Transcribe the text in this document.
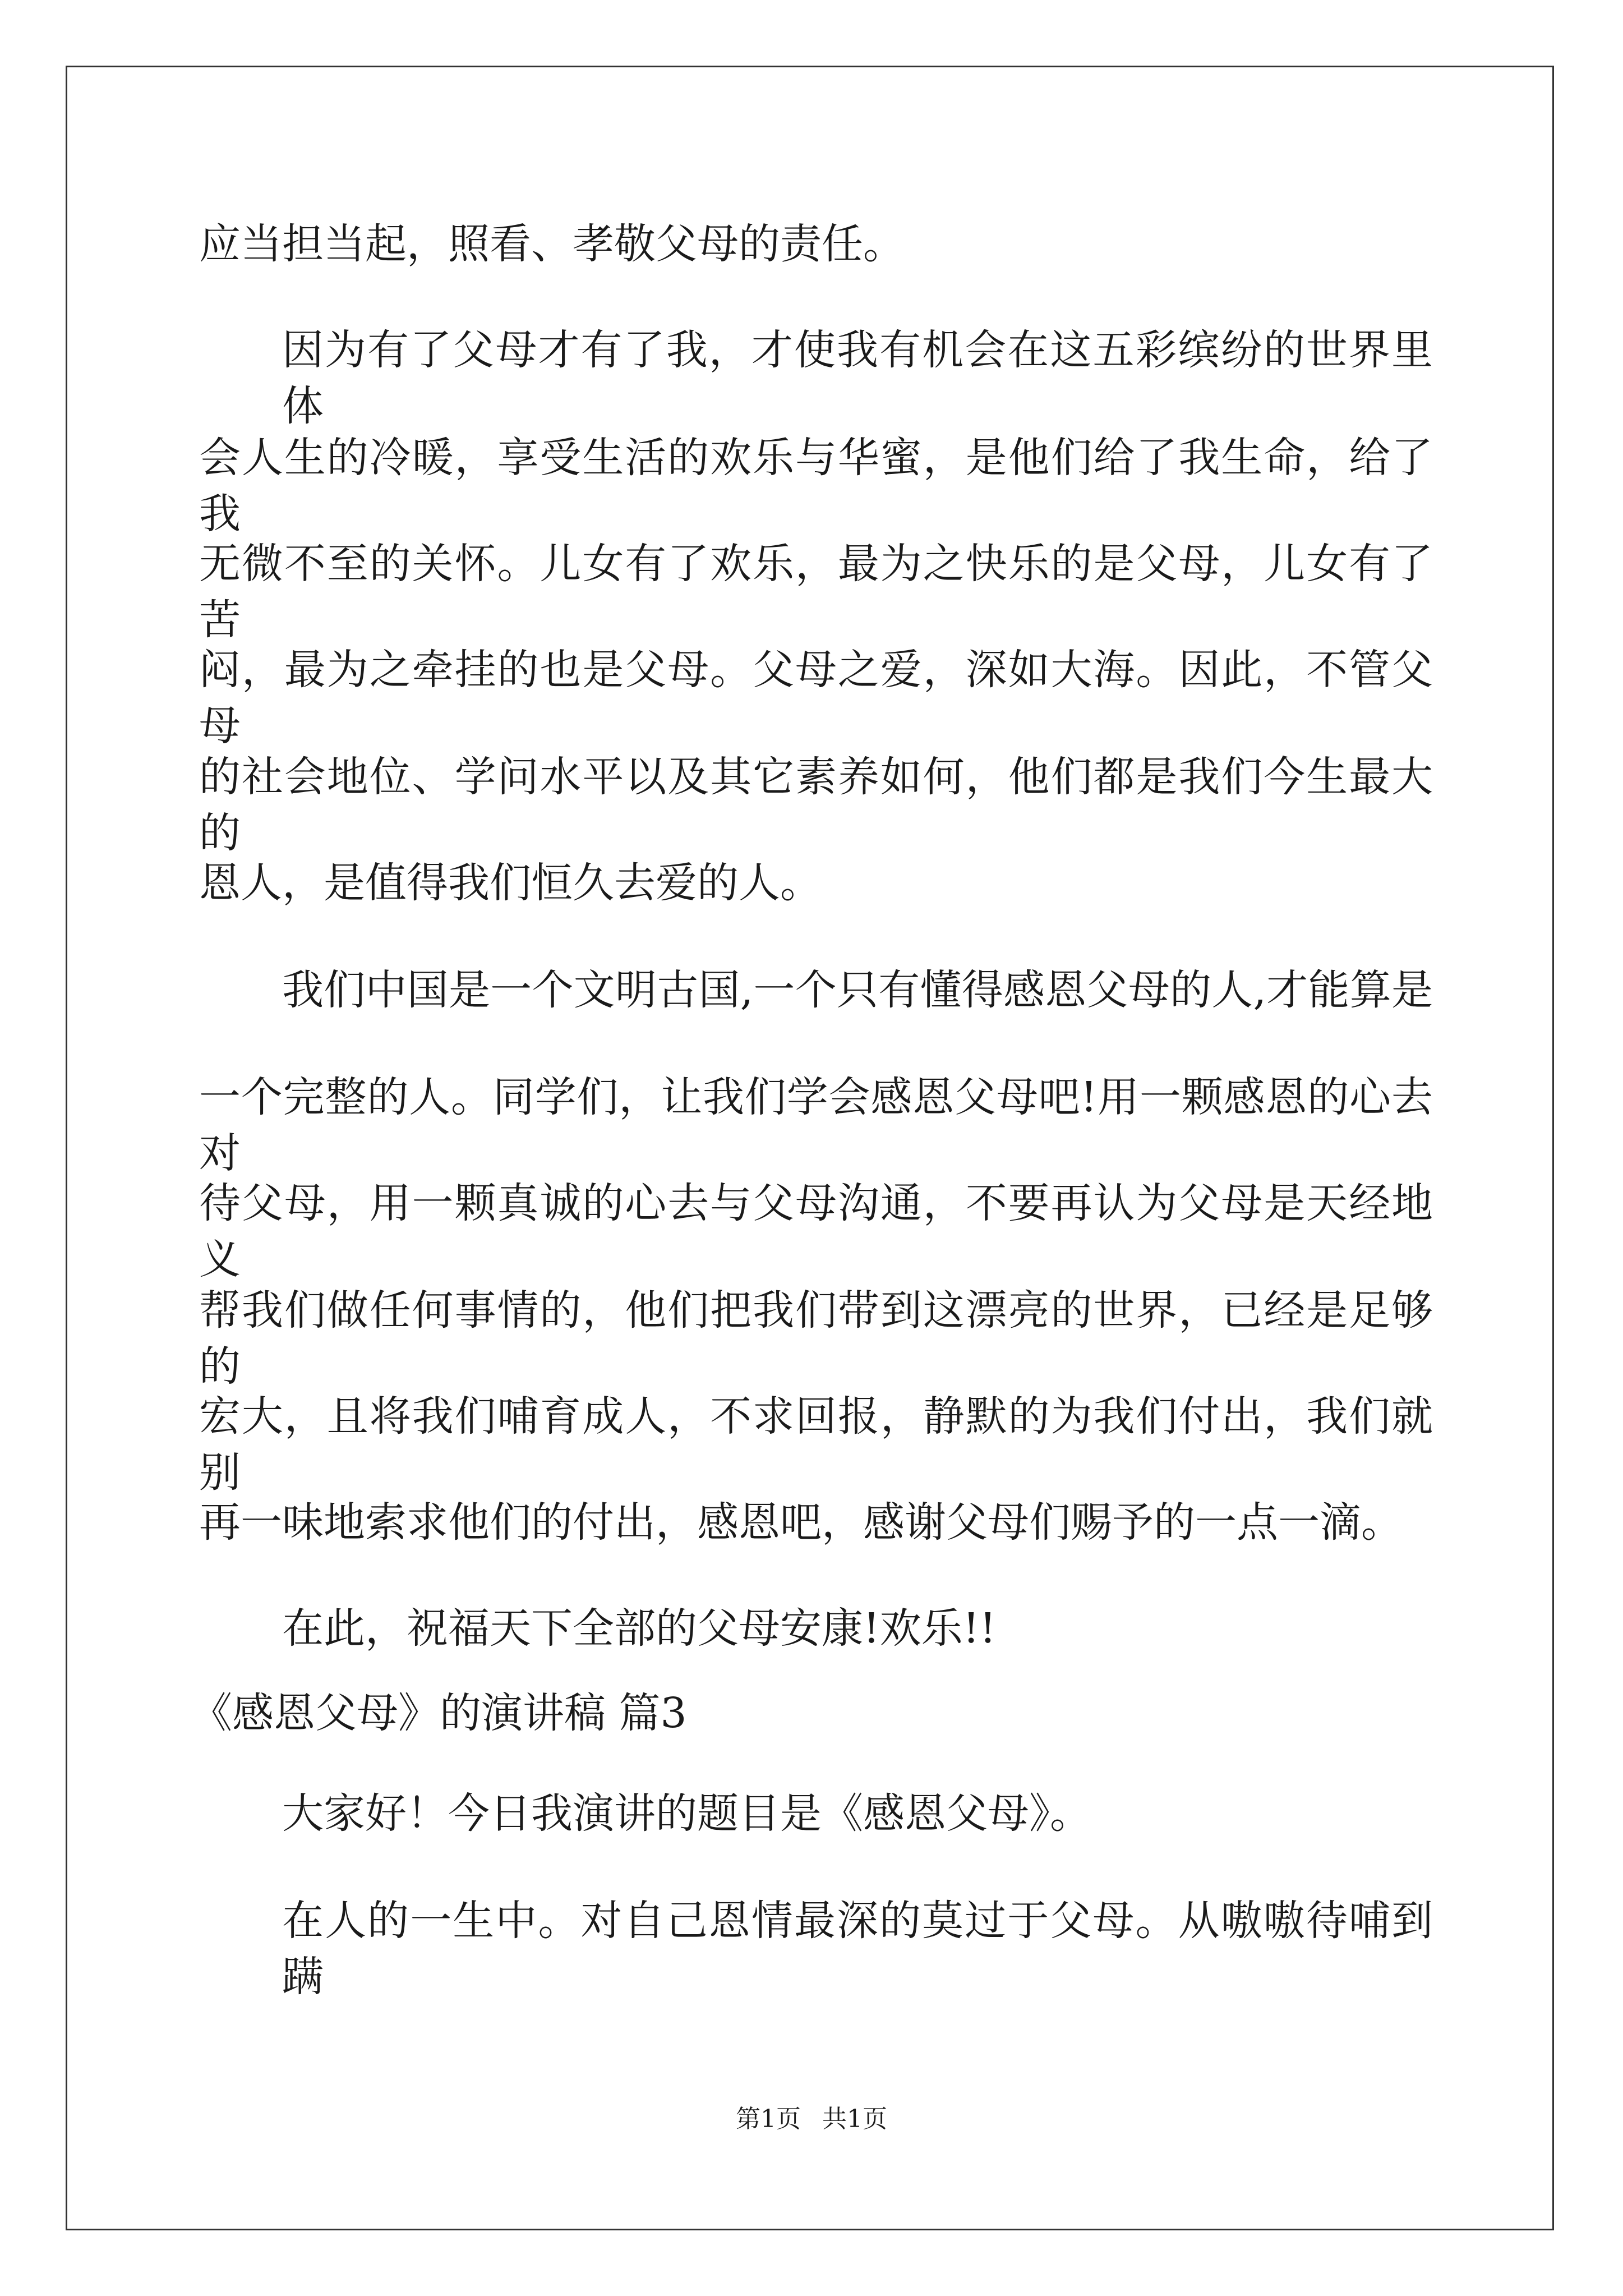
应当担当起，照看、孝敬父母的责任。
因为有了父母才有了我，才使我有机会在这五彩缤纷的世界里体
会人生的冷暖，享受生活的欢乐与华蜜，是他们给了我生命，给了我
无微不至的关怀。儿女有了欢乐，最为之快乐的是父母，儿女有了苦
闷，最为之牵挂的也是父母。父母之爱，深如大海。因此，不管父母
的社会地位、学问水平以及其它素养如何，他们都是我们今生最大的
恩人，是值得我们恒久去爱的人。
我们中国是一个文明古国,一个只有懂得感恩父母的人,才能算是
一个完整的人。同学们，让我们学会感恩父母吧!用一颗感恩的心去对
待父母，用一颗真诚的心去与父母沟通，不要再认为父母是天经地义
帮我们做任何事情的，他们把我们带到这漂亮的世界，已经是足够的
宏大，且将我们哺育成人，不求回报，静默的为我们付出，我们就别
再一味地索求他们的付出，感恩吧，感谢父母们赐予的一点一滴。
在此，祝福天下全部的父母安康!欢乐!!
《感恩父母》的演讲稿 篇3
大家好！今日我演讲的题目是《感恩父母》。
在人的一生中。对自己恩情最深的莫过于父母。从嗷嗷待哺到蹒
第1页 共1页
